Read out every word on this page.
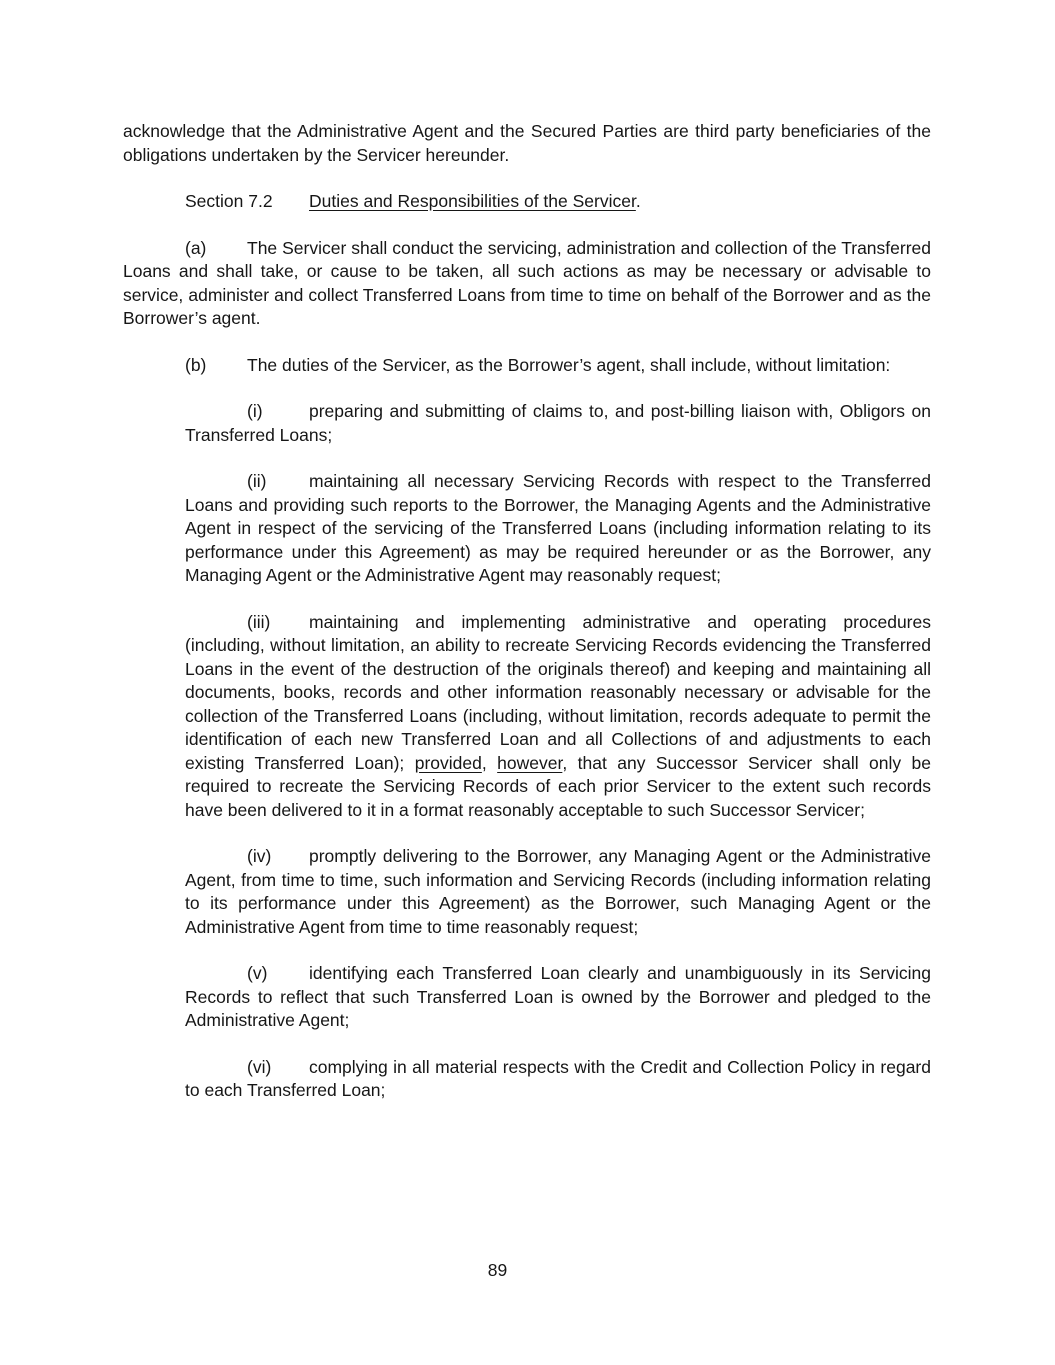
acknowledge that the Administrative Agent and the Secured Parties are third party beneficiaries of the obligations undertaken by the Servicer hereunder.

Section 7.2 Duties and Responsibilities of the Servicer.

(a) The Servicer shall conduct the servicing, administration and collection of the Transferred Loans and shall take, or cause to be taken, all such actions as may be necessary or advisable to service, administer and collect Transferred Loans from time to time on behalf of the Borrower and as the Borrower’s agent.

(b) The duties of the Servicer, as the Borrower’s agent, shall include, without limitation:

(i)	preparing and submitting of claims to, and post-billing liaison with, Obligors on Transferred Loans;

(ii) maintaining all necessary Servicing Records with respect to the Transferred Loans and providing such reports to the Borrower, the Managing Agents and the Administrative Agent in respect of the servicing of the Transferred Loans (including information relating to its performance under this Agreement) as may be required hereunder or as the Borrower, any Managing Agent or the Administrative Agent may reasonably request;

(iii) maintaining and implementing administrative and operating procedures (including, without limitation, an ability to recreate Servicing Records evidencing the Transferred Loans in the event of the destruction of the originals thereof) and keeping and maintaining all documents, books, records and other information reasonably necessary or advisable for the collection of the Transferred Loans (including, without limitation, records adequate to permit the identification of each new Transferred Loan and all Collections of and adjustments to each existing Transferred Loan); provided, however, that any Successor Servicer shall only be required to recreate the Servicing Records of each prior Servicer to the extent such records have been delivered to it in a format reasonably acceptable to such Successor Servicer;

(iv) promptly delivering to the Borrower, any Managing Agent or the Administrative Agent, from time to time, such information and Servicing Records (including information relating to its performance under this Agreement) as the Borrower, such Managing Agent or the Administrative Agent from time to time reasonably request;

(v) identifying each Transferred Loan clearly and unambiguously in its Servicing Records to reflect that such Transferred Loan is owned by the Borrower and pledged to the Administrative Agent;

(vi) complying in all material respects with the Credit and Collection Policy in regard to each Transferred Loan;

89
